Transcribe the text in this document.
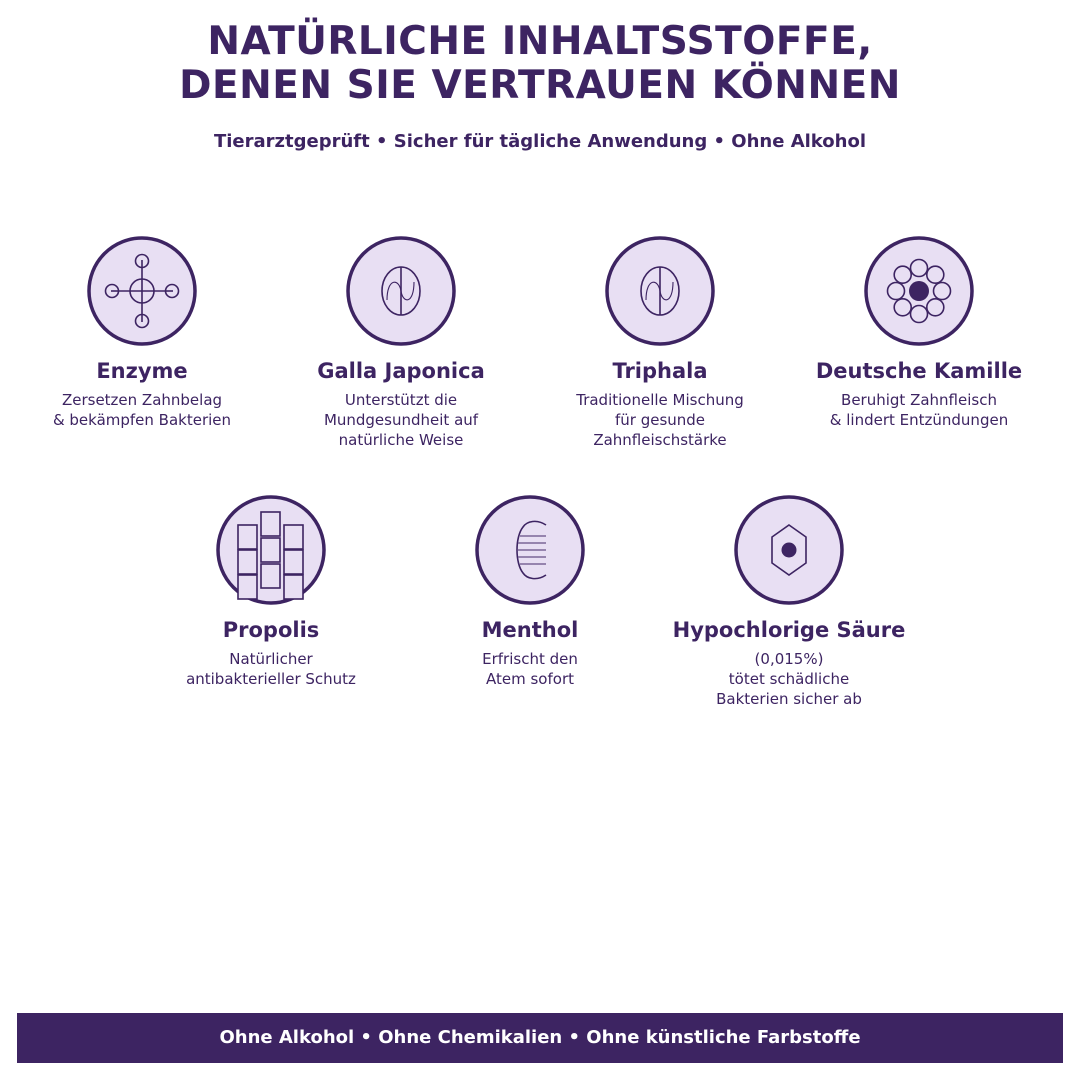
NATÜRLICHE INHALTSSTOFFE,
DENEN SIE VERTRAUEN KÖNNEN
Tierarztgeprüft • Sicher für tägliche Anwendung • Ohne Alkohol
Enzyme
Zersetzen Zahnbelag
& bekämpfen Bakterien
Galla Japonica
Unterstützt die
Mundgesundheit auf
natürliche Weise
Triphala
Traditionelle Mischung
für gesunde
Zahnfleischstärke
Deutsche Kamille
Beruhigt Zahnfleisch
& lindert Entzündungen
Propolis
Natürlicher
antibakterieller Schutz
Menthol
Erfrischt den
Atem sofort
Hypochlorige Säure
(0,015%)
tötet schädliche
Bakterien sicher ab
Ohne Alkohol • Ohne Chemikalien • Ohne künstliche Farbstoffe
